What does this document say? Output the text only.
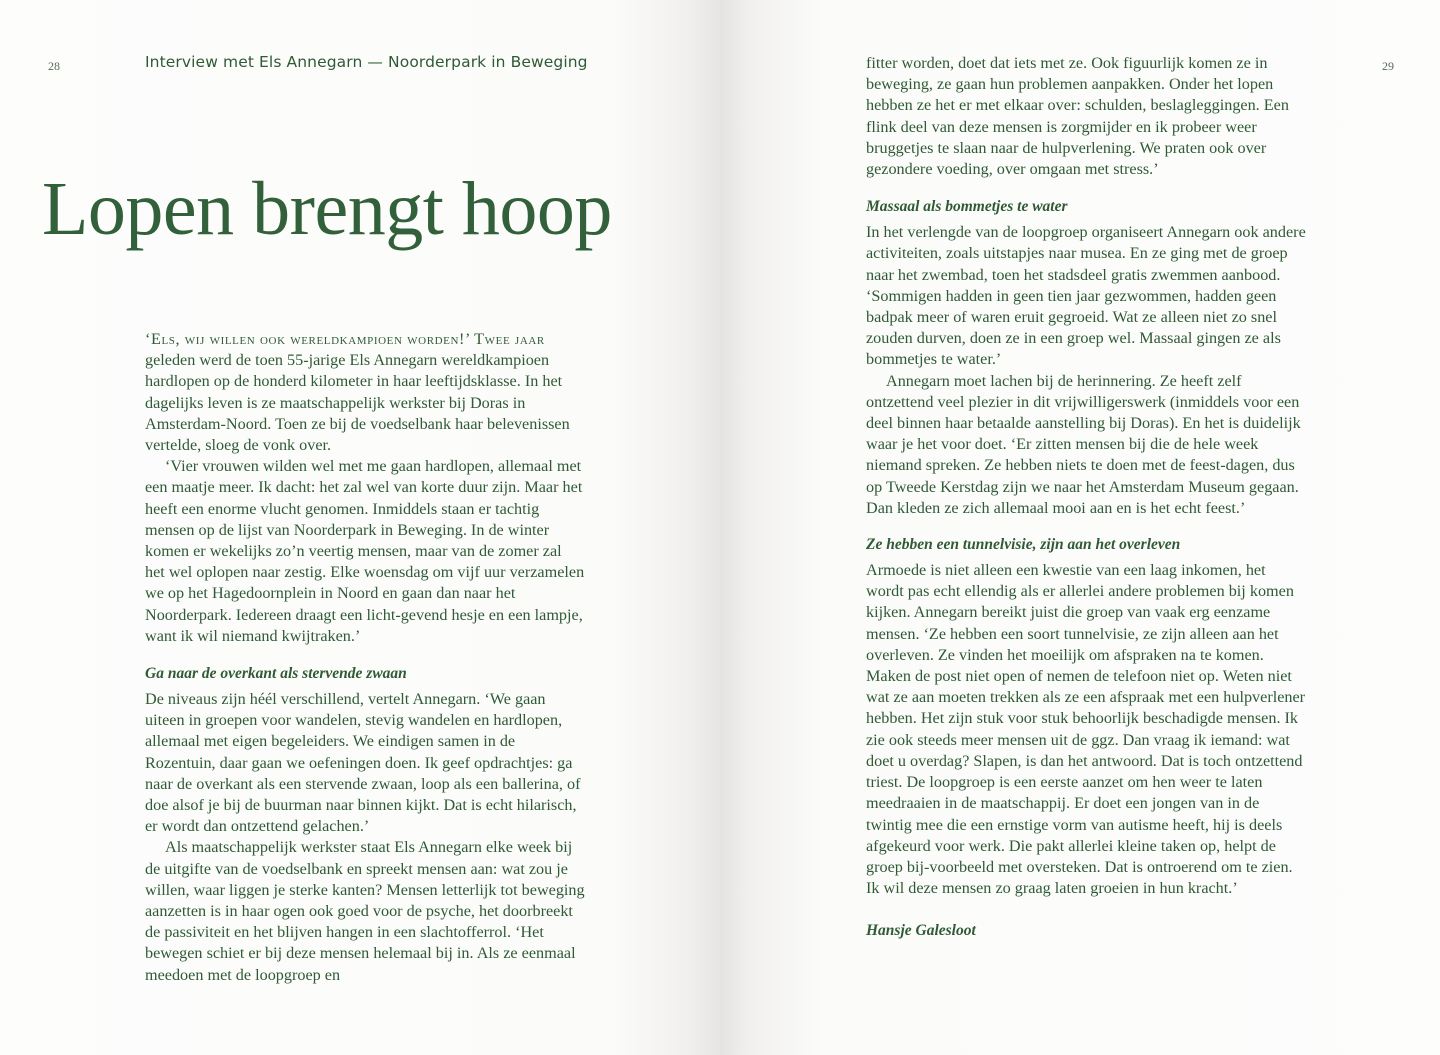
28	Interview met Els Annegarn — Noorderpark in Beweging
Lopen brengt hoop

‘Els, wij willen ook wereldkampioen worden!’ Twee jaar geleden werd de toen 55-jarige Els Annegarn wereldkampioen hardlopen op de honderd kilometer in haar leeftijdsklasse. In het dagelijks leven is ze maatschappelijk werkster bij Doras in Amsterdam-Noord. Toen ze bij de voedselbank haar belevenissen vertelde, sloeg de vonk over.

‘Vier vrouwen wilden wel met me gaan hardlopen, allemaal met een maatje meer. Ik dacht: het zal wel van korte duur zijn. Maar het heeft een enorme vlucht genomen. Inmiddels staan er tachtig mensen op de lijst van Noorderpark in Beweging. In de winter komen er wekelijks zo’n veertig mensen, maar van de zomer zal het wel oplopen naar zestig. Elke woensdag om vijf uur verzamelen we op het Hagedoornplein in Noord en gaan dan naar het Noorderpark. Iedereen draagt een licht-gevend hesje en een lampje, want ik wil niemand kwijtraken.’

Ga naar de overkant als stervende zwaan

De niveaus zijn héél verschillend, vertelt Annegarn. ‘We gaan uiteen in groepen voor wandelen, stevig wandelen en hardlopen, allemaal met eigen begeleiders. We eindigen samen in de Rozentuin, daar gaan we oefeningen doen. Ik geef opdrachtjes: ga naar de overkant als een stervende zwaan, loop als een ballerina, of doe alsof je bij de buurman naar binnen kijkt. Dat is echt hilarisch, er wordt dan ontzettend gelachen.’

Als maatschappelijk werkster staat Els Annegarn elke week bij de uitgifte van de voedselbank en spreekt mensen aan: wat zou je willen, waar liggen je sterke kanten? Mensen letterlijk tot beweging aanzetten is in haar ogen ook goed voor de psyche, het doorbreekt de passiviteit en het blijven hangen in een slachtofferrol. ‘Het bewegen schiet er bij deze mensen helemaal bij in. Als ze eenmaal meedoen met de loopgroep en

29

fitter worden, doet dat iets met ze. Ook figuurlijk komen ze in beweging, ze gaan hun problemen aanpakken. Onder het lopen hebben ze het er met elkaar over: schulden, beslagleggingen. Een flink deel van deze mensen is zorgmijder en ik probeer weer bruggetjes te slaan naar de hulpverlening. We praten ook over gezondere voeding, over omgaan met stress.’

Massaal als bommetjes te water

In het verlengde van de loopgroep organiseert Annegarn ook andere activiteiten, zoals uitstapjes naar musea. En ze ging met de groep naar het zwembad, toen het stadsdeel gratis zwemmen aanbood. ‘Sommigen hadden in geen tien jaar gezwommen, hadden geen badpak meer of waren eruit gegroeid. Wat ze alleen niet zo snel zouden durven, doen ze in een groep wel. Massaal gingen ze als bommetjes te water.’

Annegarn moet lachen bij de herinnering. Ze heeft zelf ontzettend veel plezier in dit vrijwilligerswerk (inmiddels voor een deel binnen haar betaalde aanstelling bij Doras). En het is duidelijk waar je het voor doet. ‘Er zitten mensen bij die de hele week niemand spreken. Ze hebben niets te doen met de feest-dagen, dus op Tweede Kerstdag zijn we naar het Amsterdam Museum gegaan. Dan kleden ze zich allemaal mooi aan en is het echt feest.’

Ze hebben een tunnelvisie, zijn aan het overleven

Armoede is niet alleen een kwestie van een laag inkomen, het wordt pas echt ellendig als er allerlei andere problemen bij komen kijken. Annegarn bereikt juist die groep van vaak erg eenzame mensen. ‘Ze hebben een soort tunnelvisie, ze zijn alleen aan het overleven. Ze vinden het moeilijk om afspraken na te komen. Maken de post niet open of nemen de telefoon niet op. Weten niet wat ze aan moeten trekken als ze een afspraak met een hulpverlener hebben. Het zijn stuk voor stuk behoorlijk beschadigde mensen. Ik zie ook steeds meer mensen uit de ggz. Dan vraag ik iemand: wat doet u overdag? Slapen, is dan het antwoord. Dat is toch ontzettend triest. De loopgroep is een eerste aanzet om hen weer te laten meedraaien in de maatschappij. Er doet een jongen van in de twintig mee die een ernstige vorm van autisme heeft, hij is deels afgekeurd voor werk. Die pakt allerlei kleine taken op, helpt de groep bij-voorbeeld met oversteken. Dat is ontroerend om te zien. Ik wil deze mensen zo graag laten groeien in hun kracht.’

Hansje Galesloot
